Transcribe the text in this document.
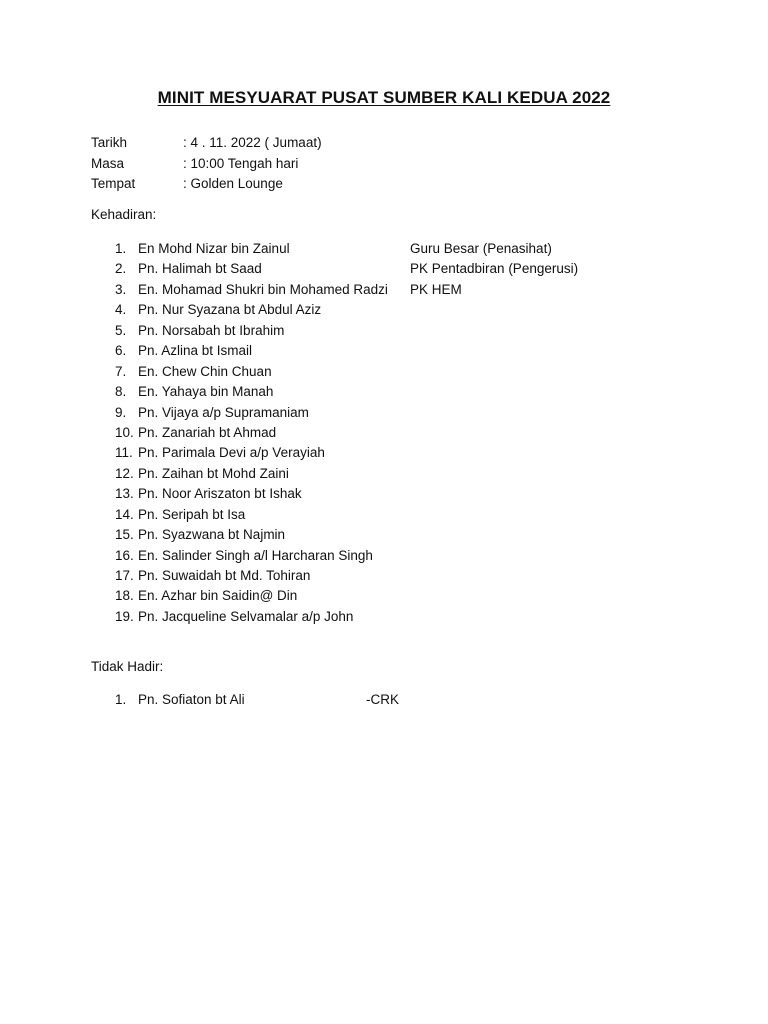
MINIT MESYUARAT PUSAT SUMBER KALI KEDUA 2022
Tarikh	: 4 . 11. 2022 ( Jumaat)
Masa	: 10:00 Tengah hari
Tempat	: Golden Lounge
Kehadiran:
1. En Mohd Nizar bin Zainul	Guru Besar (Penasihat)
2. Pn. Halimah bt Saad	PK Pentadbiran (Pengerusi)
3. En. Mohamad Shukri bin Mohamed Radzi	PK HEM
4. Pn. Nur Syazana bt Abdul Aziz
5. Pn. Norsabah bt Ibrahim
6. Pn. Azlina bt Ismail
7. En. Chew Chin Chuan
8. En. Yahaya bin Manah
9. Pn. Vijaya a/p Supramaniam
10. Pn. Zanariah bt Ahmad
11. Pn. Parimala Devi a/p Verayiah
12. Pn. Zaihan bt Mohd Zaini
13. Pn. Noor Ariszaton bt Ishak
14. Pn. Seripah bt Isa
15. Pn. Syazwana bt Najmin
16. En. Salinder Singh a/l Harcharan Singh
17. Pn. Suwaidah bt Md. Tohiran
18. En. Azhar bin Saidin@ Din
19. Pn. Jacqueline Selvamalar a/p John
Tidak Hadir:
1. Pn. Sofiaton bt Ali	-CRK
